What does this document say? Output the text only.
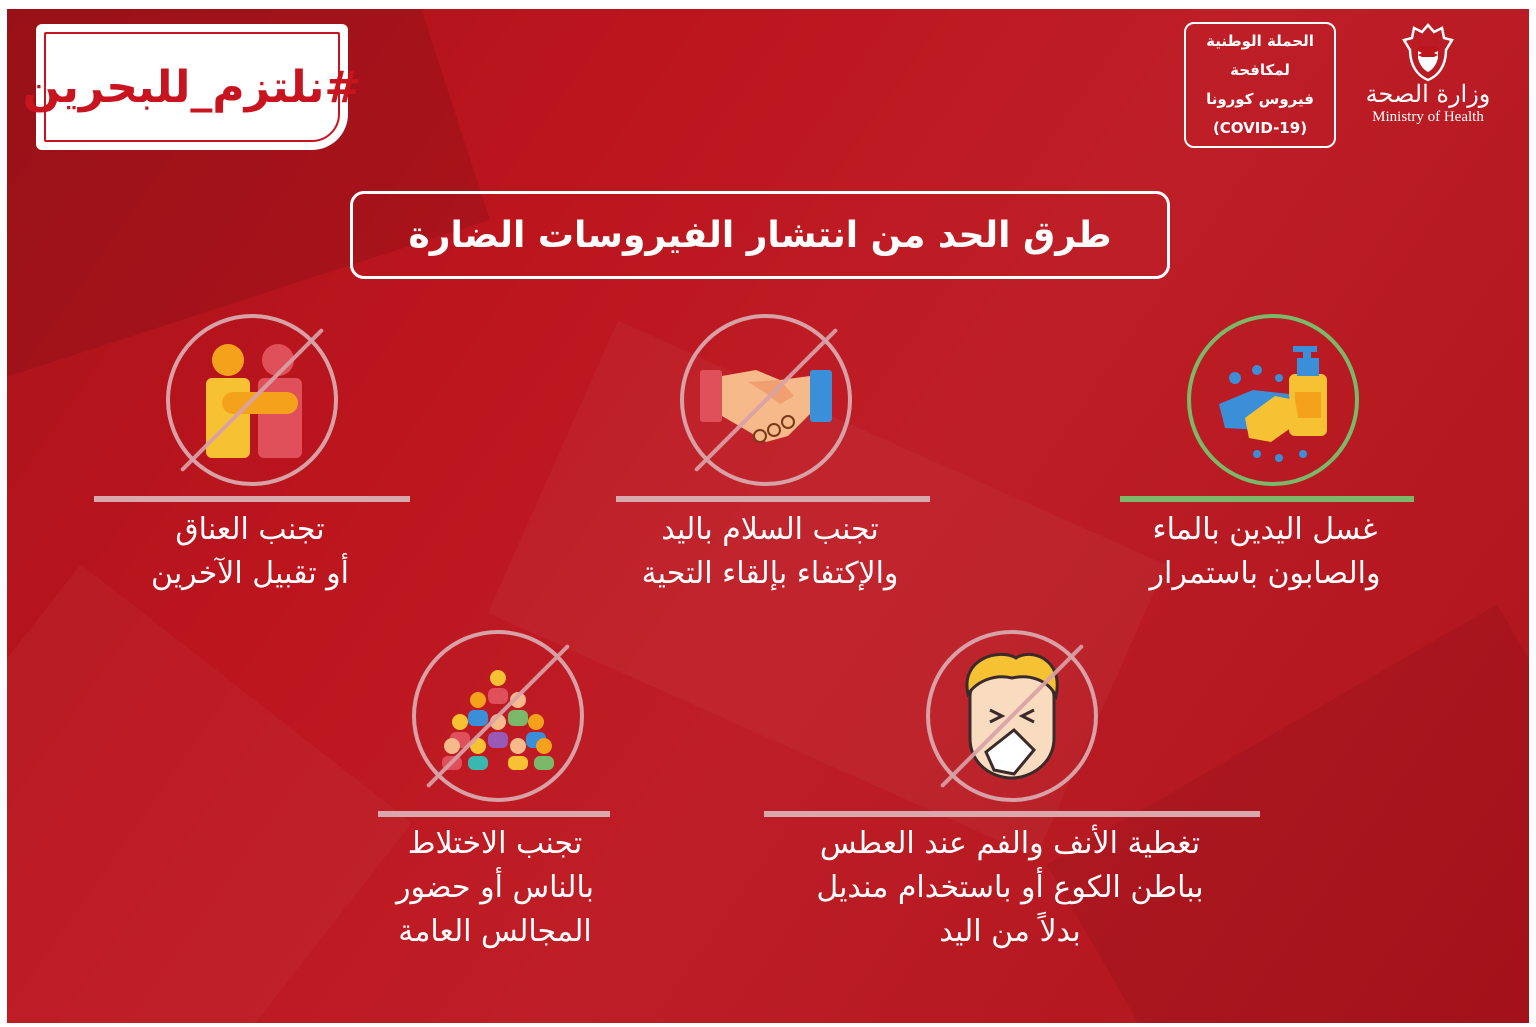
#نلتزم_للبحرين
الحملة الوطنية
لمكافحة
فيروس كورونا
(COVID-19)
وزارة الصحة
Ministry of Health
طرق الحد من انتشار الفيروسات الضارة
غسل اليدين بالماء
والصابون باستمرار
تجنب السلام باليد
والإكتفاء بإلقاء التحية
تجنب العناق
أو تقبيل الآخرين
تغطية الأنف والفم عند العطس
بباطن الكوع أو باستخدام منديل
بدلاً من اليد
تجنب الاختلاط
بالناس أو حضور
المجالس العامة
